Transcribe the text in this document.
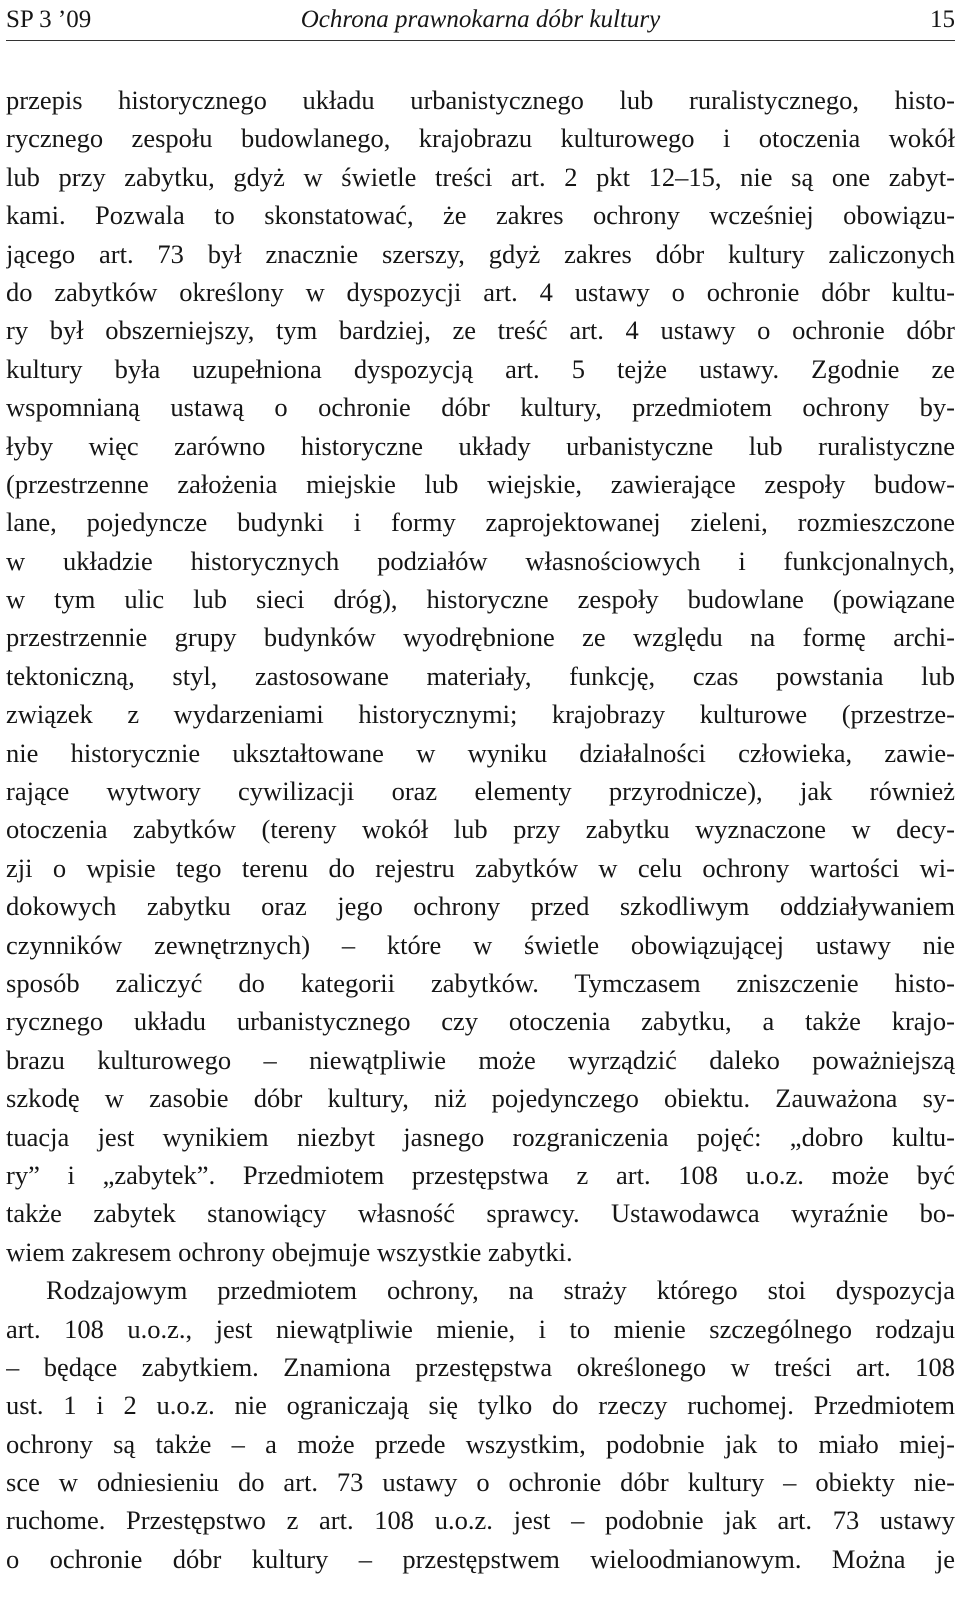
SP 3 ’09	Ochrona prawnokarna dóbr kultury	15
przepis historycznego układu urbanistycznego lub ruralistycznego, histo-
rycznego zespołu budowlanego, krajobrazu kulturowego i otoczenia wokół
lub przy zabytku, gdyż w świetle treści art. 2 pkt 12–15, nie są one zabyt-
kami. Pozwala to skonstatować, że zakres ochrony wcześniej obowiązu-
jącego art. 73 był znacznie szerszy, gdyż zakres dóbr kultury zaliczonych
do zabytków określony w dyspozycji art. 4 ustawy o ochronie dóbr kultu-
ry był obszerniejszy, tym bardziej, ze treść art. 4 ustawy o ochronie dóbr
kultury była uzupełniona dyspozycją art. 5 tejże ustawy. Zgodnie ze
wspomnianą ustawą o ochronie dóbr kultury, przedmiotem ochrony by-
łyby więc zarówno historyczne układy urbanistyczne lub ruralistyczne
(przestrzenne założenia miejskie lub wiejskie, zawierające zespoły budow-
lane, pojedyncze budynki i formy zaprojektowanej zieleni, rozmieszczone
w układzie historycznych podziałów własnościowych i funkcjonalnych,
w tym ulic lub sieci dróg), historyczne zespoły budowlane (powiązane
przestrzennie grupy budynków wyodrębnione ze względu na formę archi-
tektoniczną, styl, zastosowane materiały, funkcję, czas powstania lub
związek z wydarzeniami historycznymi; krajobrazy kulturowe (przestrze-
nie historycznie ukształtowane w wyniku działalności człowieka, zawie-
rające wytwory cywilizacji oraz elementy przyrodnicze), jak również
otoczenia zabytków (tereny wokół lub przy zabytku wyznaczone w decy-
zji o wpisie tego terenu do rejestru zabytków w celu ochrony wartości wi-
dokowych zabytku oraz jego ochrony przed szkodliwym oddziaływaniem
czynników zewnętrznych) – które w świetle obowiązującej ustawy nie
sposób zaliczyć do kategorii zabytków. Tymczasem zniszczenie histo-
rycznego układu urbanistycznego czy otoczenia zabytku, a także krajo-
brazu kulturowego – niewątpliwie może wyrządzić daleko poważniejszą
szkodę w zasobie dóbr kultury, niż pojedynczego obiektu. Zauważona sy-
tuacja jest wynikiem niezbyt jasnego rozgraniczenia pojęć: „dobro kultu-
ry” i „zabytek”. Przedmiotem przestępstwa z art. 108 u.o.z. może być
także zabytek stanowiący własność sprawcy. Ustawodawca wyraźnie bo-
wiem zakresem ochrony obejmuje wszystkie zabytki.
Rodzajowym przedmiotem ochrony, na straży którego stoi dyspozycja
art. 108 u.o.z., jest niewątpliwie mienie, i to mienie szczególnego rodzaju
– będące zabytkiem. Znamiona przestępstwa określonego w treści art. 108
ust. 1 i 2 u.o.z. nie ograniczają się tylko do rzeczy ruchomej. Przedmiotem
ochrony są także – a może przede wszystkim, podobnie jak to miało miej-
sce w odniesieniu do art. 73 ustawy o ochronie dóbr kultury – obiekty nie-
ruchome. Przestępstwo z art. 108 u.o.z. jest – podobnie jak art. 73 ustawy
o ochronie dóbr kultury – przestępstwem wieloodmianowym. Można je
